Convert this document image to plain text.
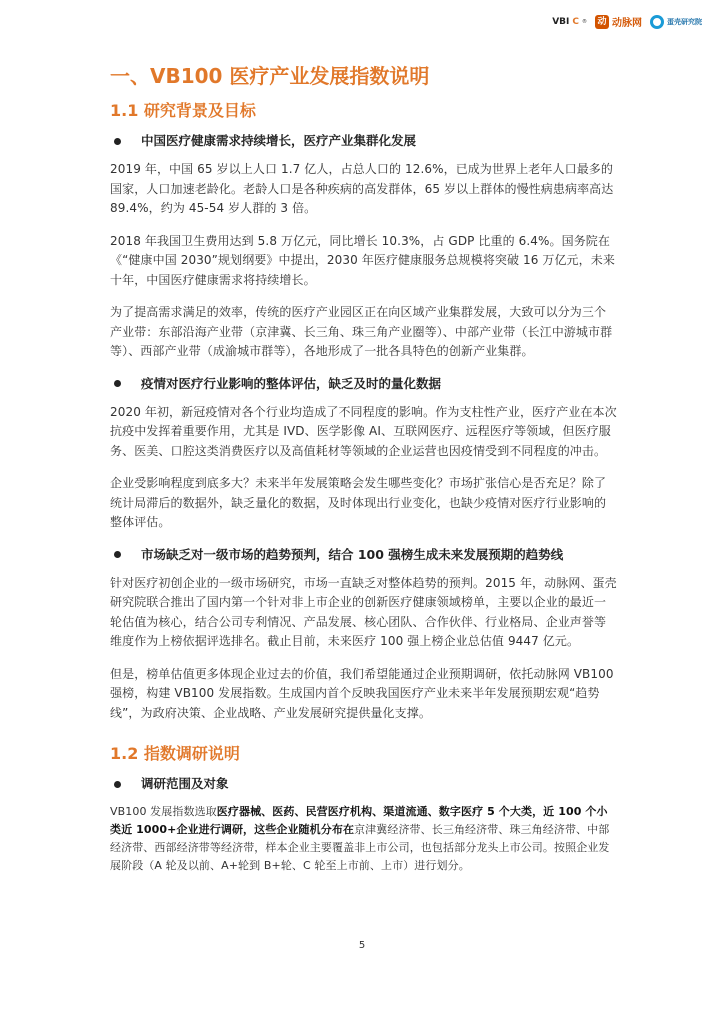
VBI C ® 动 动脉网	蛋壳研究院
一、VB100 医疗产业发展指数说明
1.1 研究背景及目标
中国医疗健康需求持续增长，医疗产业集群化发展

2019 年，中国 65 岁以上人口 1.7 亿人，占总人口的 12.6%，已成为世界上老年人口最多的国家，人口加速老龄化。老龄人口是各种疾病的高发群体，65 岁以上群体的慢性病患病率高达 89.4%，约为 45-54 岁人群的 3 倍。

2018 年我国卫生费用达到 5.8 万亿元，同比增长 10.3%，占 GDP 比重的 6.4%。国务院在《“健康中国 2030”规划纲要》中提出，2030 年医疗健康服务总规模将突破 16 万亿元，未来十年，中国医疗健康需求将持续增长。

为了提高需求满足的效率，传统的医疗产业园区正在向区域产业集群发展，大致可以分为三个产业带：东部沿海产业带（京津冀、长三角、珠三角产业圈等）、中部产业带（长江中游城市群等）、西部产业带（成渝城市群等），各地形成了一批各具特色的创新产业集群。

疫情对医疗行业影响的整体评估，缺乏及时的量化数据

2020 年初，新冠疫情对各个行业均造成了不同程度的影响。作为支柱性产业，医疗产业在本次抗疫中发挥着重要作用，尤其是 IVD、医学影像 AI、互联网医疗、远程医疗等领域，但医疗服务、医美、口腔这类消费医疗以及高值耗材等领域的企业运营也因疫情受到不同程度的冲击。

企业受影响程度到底多大？未来半年发展策略会发生哪些变化？市场扩张信心是否充足？除了统计局滞后的数据外，缺乏量化的数据，及时体现出行业变化，也缺少疫情对医疗行业影响的整体评估。

市场缺乏对一级市场的趋势预判，结合 100 强榜生成未来发展预期的趋势线

针对医疗初创企业的一级市场研究，市场一直缺乏对整体趋势的预判。2015 年，动脉网、蛋壳研究院联合推出了国内第一个针对非上市企业的创新医疗健康领域榜单，主要以企业的最近一轮估值为核心，结合公司专利情况、产品发展、核心团队、合作伙伴、行业格局、企业声誉等维度作为上榜依据评选排名。截止目前，未来医疗 100 强上榜企业总估值 9447 亿元。

但是，榜单估值更多体现企业过去的价值，我们希望能通过企业预期调研，依托动脉网 VB100 强榜，构建 VB100 发展指数。生成国内首个反映我国医疗产业未来半年发展预期宏观“趋势线”，为政府决策、企业战略、产业发展研究提供量化支撑。

1.2 指数调研说明
调研范围及对象

VB100 发展指数选取医疗器械、医药、民营医疗机构、渠道流通、数字医疗 5 个大类，近 100 个小类近 1000+企业进行调研，这些企业随机分布在京津冀经济带、长三角经济带、珠三角经济带、中部经济带、西部经济带等经济带，样本企业主要覆盖非上市公司，也包括部分龙头上市公司。按照企业发展阶段（A 轮及以前、A+轮到 B+轮、C 轮至上市前、上市）进行划分。

5
